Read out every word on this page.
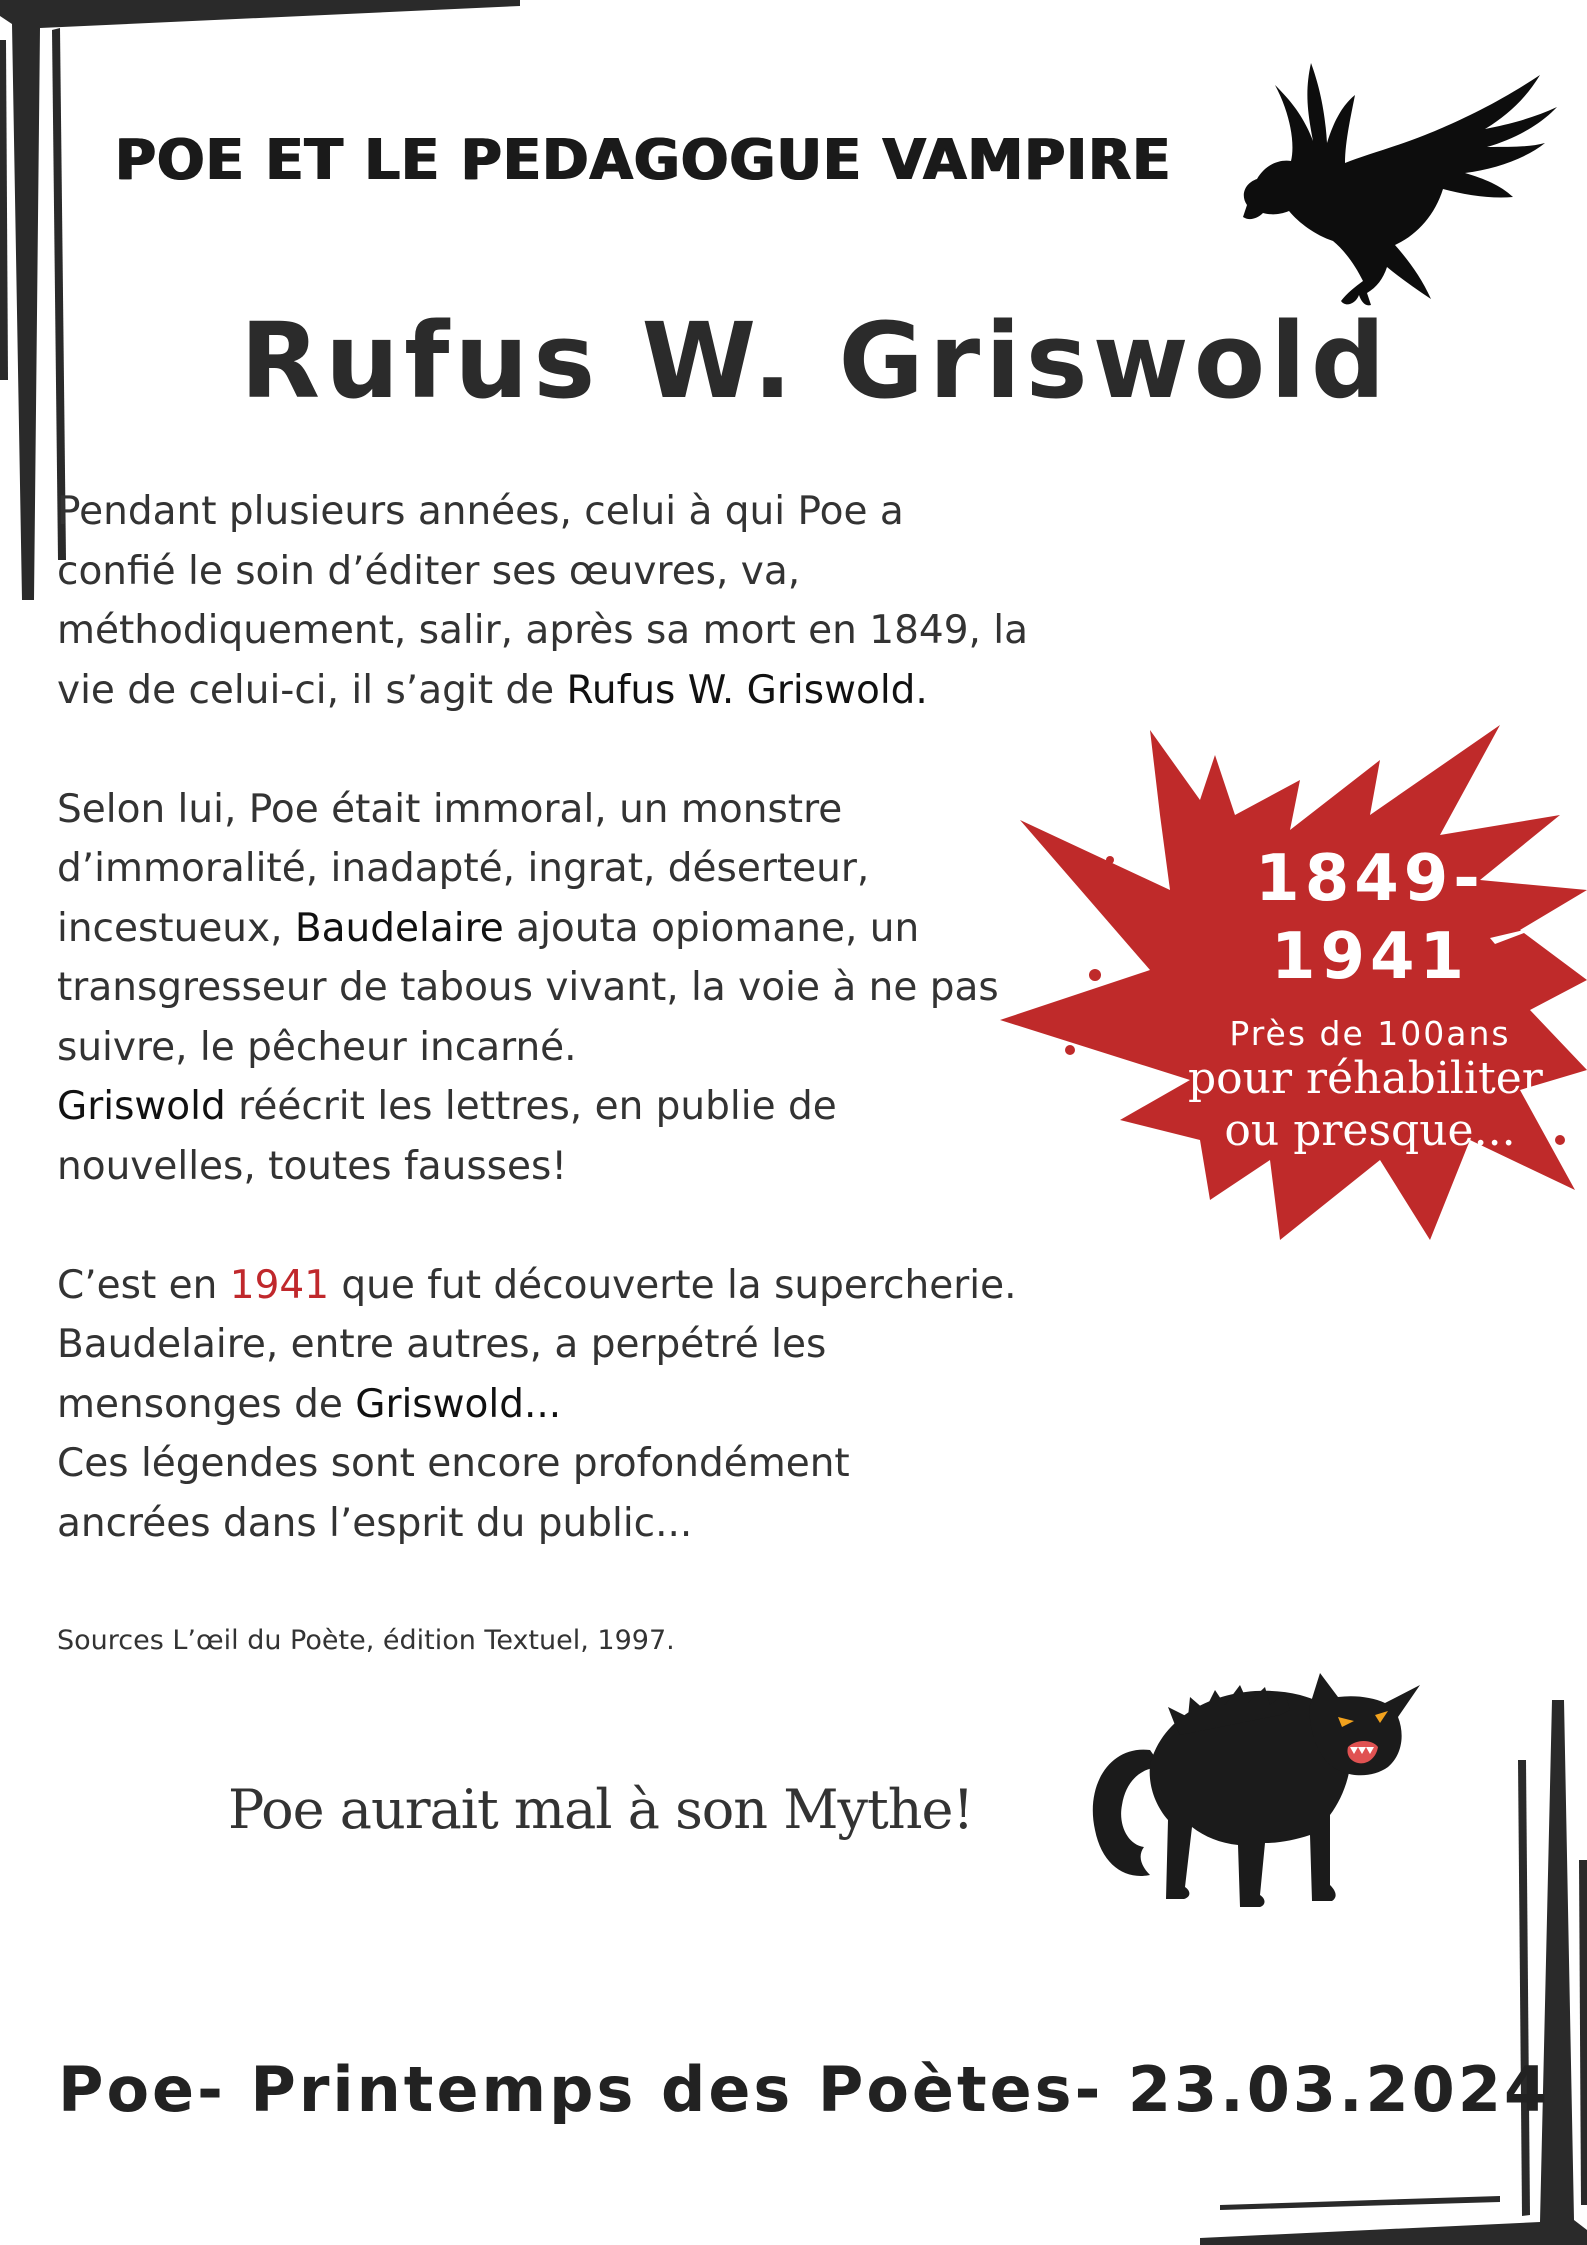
POE ET LE PEDAGOGUE VAMPIRE
Rufus W. Griswold

Pendant plusieurs années, celui à qui Poe a
confié le soin d’éditer ses œuvres, va,
méthodiquement, salir, après sa mort en 1849, la
vie de celui-ci, il s’agit de Rufus W. Griswold.

Selon lui, Poe était immoral, un monstre
d’immoralité, inadapté, ingrat, déserteur,
incestueux, Baudelaire ajouta opiomane, un
transgresseur de tabous vivant, la voie à ne pas
suivre, le pêcheur incarné.
Griswold réécrit les lettres, en publie de
nouvelles, toutes fausses!

C’est en 1941 que fut découverte la supercherie.
Baudelaire, entre autres, a perpétré les
mensonges de Griswold...
Ces légendes sont encore profondément
ancrées dans l’esprit du public...

Sources L’œil du Poète, édition Textuel, 1997.
1849-
1941
Près de 100ans
pour réhabiliter,
ou presque...
Poe aurait mal à son Mythe!
Poe- Printemps des Poètes- 23.03.2024
